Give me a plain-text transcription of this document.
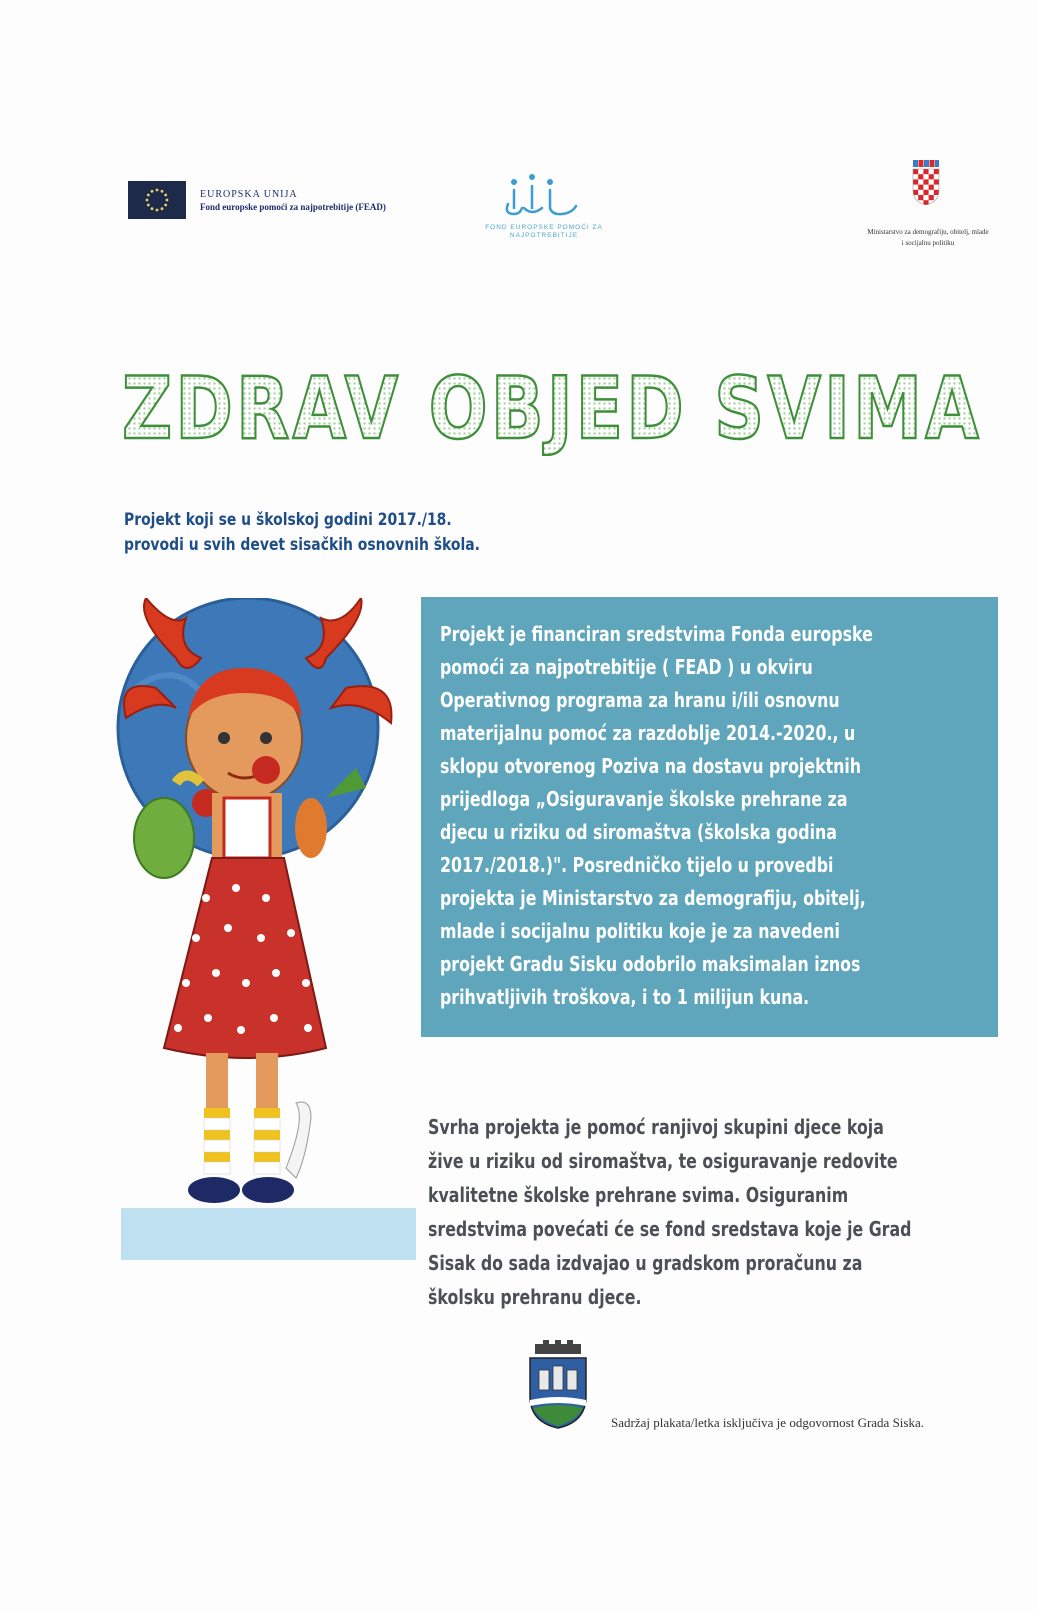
EUROPSKA UNIJA
Fond europske pomoći za najpotrebitije (FEAD)
FOND EUROPSKE POMOĆI ZA NAJPOTREBITIJE	Ministarstvo za demografiju, obitelj, mlade i socijalnu politiku
ZDRAV OBJED SVIMA
Projekt koji se u školskoj godini 2017./18.
provodi u svih devet sisačkih osnovnih škola.
Projekt je financiran sredstvima Fonda europske
pomoći za najpotrebitije ( FEAD ) u okviru
Operativnog programa za hranu i/ili osnovnu
materijalnu pomoć za razdoblje 2014.-2020., u
sklopu otvorenog Poziva na dostavu projektnih
prijedloga „Osiguravanje školske prehrane za
djecu u riziku od siromaštva (školska godina
2017./2018.)". Posredničko tijelo u provedbi
projekta je Ministarstvo za demografiju, obitelj,
mlade i socijalnu politiku koje je za navedeni
projekt Gradu Sisku odobrilo maksimalan iznos
prihvatljivih troškova, i to 1 milijun kuna.
Svrha projekta je pomoć ranjivoj skupini djece koja
žive u riziku od siromaštva, te osiguravanje redovite
kvalitetne školske prehrane svima. Osiguranim
sredstvima povećati će se fond sredstava koje je Grad
Sisak do sada izdvajao u gradskom proračunu za
školsku prehranu djece.
Sadržaj plakata/letka isključiva je odgovornost Grada Siska.
